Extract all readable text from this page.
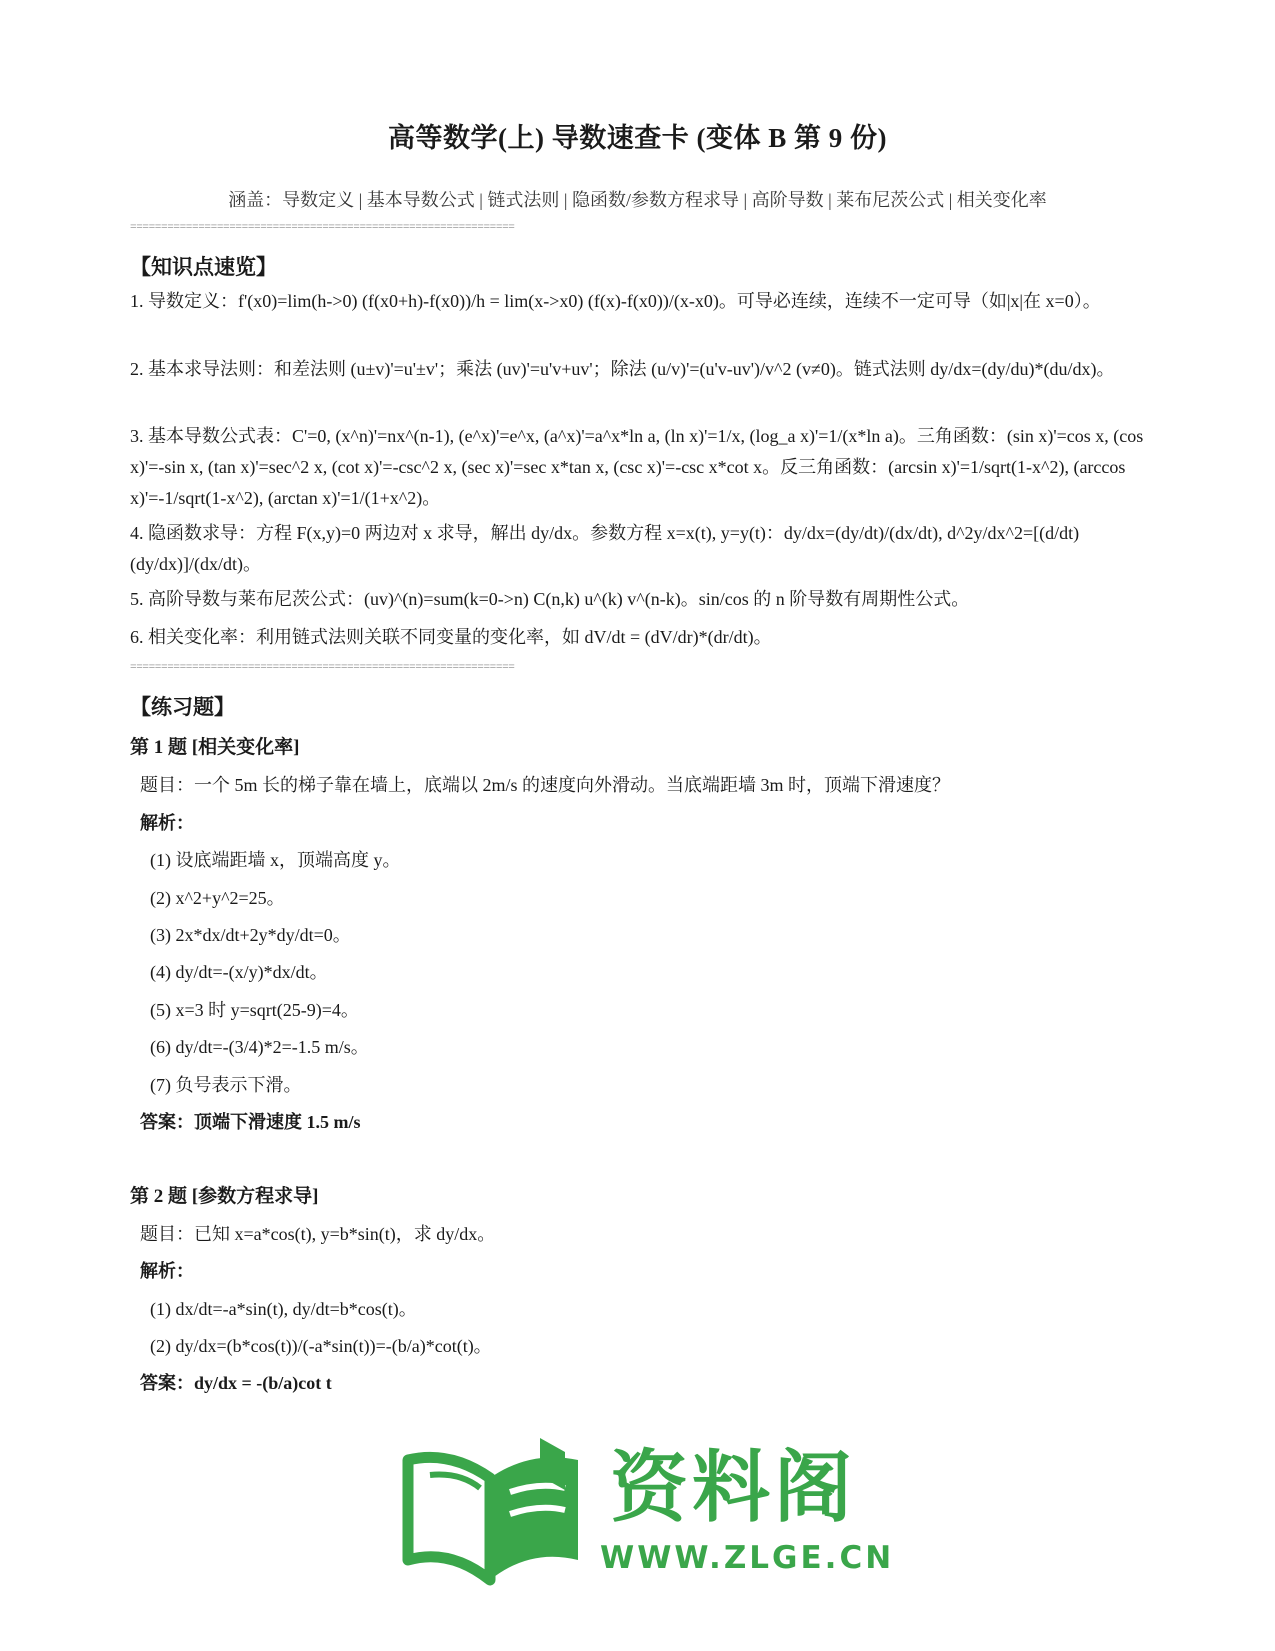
高等数学(上) 导数速查卡 (变体 B 第 9 份)
涵盖：导数定义 | 基本导数公式 | 链式法则 | 隐函数/参数方程求导 | 高阶导数 | 莱布尼茨公式 | 相关变化率
==============================================================
【知识点速览】
1. 导数定义：f'(x0)=lim(h->0) (f(x0+h)-f(x0))/h = lim(x->x0) (f(x)-f(x0))/(x-x0)。可导必连续，连续不一定可导（如|x|在 x=0）。
2. 基本求导法则：和差法则 (u±v)'=u'±v'；乘法 (uv)'=u'v+uv'；除法 (u/v)'=(u'v-uv')/v^2 (v≠0)。链式法则 dy/dx=(dy/du)*(du/dx)。
3. 基本导数公式表：C'=0, (x^n)'=nx^(n-1), (e^x)'=e^x, (a^x)'=a^x*ln a, (ln x)'=1/x, (log_a x)'=1/(x*ln a)。三角函数：(sin x)'=cos x, (cos x)'=-sin x, (tan x)'=sec^2 x, (cot x)'=-csc^2 x, (sec x)'=sec x*tan x, (csc x)'=-csc x*cot x。反三角函数：(arcsin x)'=1/sqrt(1-x^2), (arccos x)'=-1/sqrt(1-x^2), (arctan x)'=1/(1+x^2)。
4. 隐函数求导：方程 F(x,y)=0 两边对 x 求导，解出 dy/dx。参数方程 x=x(t), y=y(t)：dy/dx=(dy/dt)/(dx/dt), d^2y/dx^2=[(d/dt)(dy/dx)]/(dx/dt)。
5. 高阶导数与莱布尼茨公式：(uv)^(n)=sum(k=0->n) C(n,k) u^(k) v^(n-k)。sin/cos 的 n 阶导数有周期性公式。
6. 相关变化率：利用链式法则关联不同变量的变化率，如 dV/dt = (dV/dr)*(dr/dt)。
==============================================================
【练习题】
第 1 题 [相关变化率]
题目：一个 5m 长的梯子靠在墙上，底端以 2m/s 的速度向外滑动。当底端距墙 3m 时，顶端下滑速度？
解析：
(1) 设底端距墙 x，顶端高度 y。
(2) x^2+y^2=25。
(3) 2x*dx/dt+2y*dy/dt=0。
(4) dy/dt=-(x/y)*dx/dt。
(5) x=3 时 y=sqrt(25-9)=4。
(6) dy/dt=-(3/4)*2=-1.5 m/s。
(7) 负号表示下滑。
答案：顶端下滑速度 1.5 m/s
第 2 题 [参数方程求导]
题目：已知 x=a*cos(t), y=b*sin(t)，求 dy/dx。
解析：
(1) dx/dt=-a*sin(t), dy/dt=b*cos(t)。
(2) dy/dx=(b*cos(t))/(-a*sin(t))=-(b/a)*cot(t)。
答案：dy/dx = -(b/a)cot t
资料阁
WWW.ZLGE.CN
